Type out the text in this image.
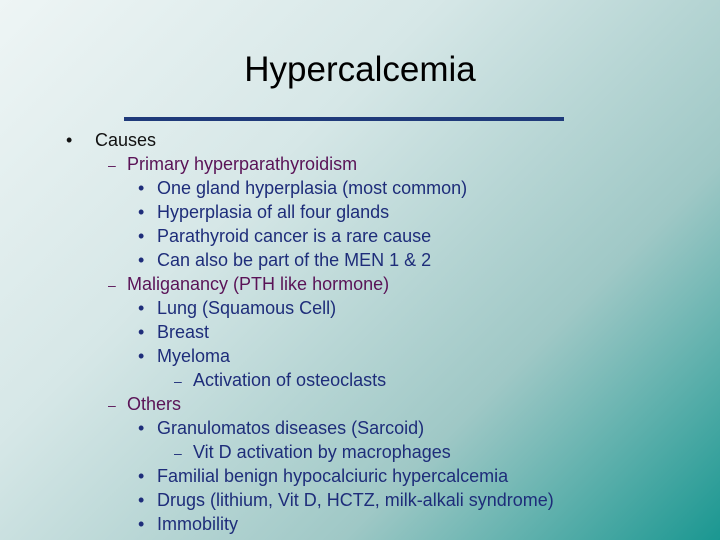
Hypercalcemia
• Causes
– Primary hyperparathyroidism
• One gland hyperplasia (most common)
• Hyperplasia of all four glands
• Parathyroid cancer is a rare cause
• Can also be part of the MEN 1 & 2
– Maliganancy (PTH like hormone)
• Lung (Squamous Cell)
• Breast
• Myeloma
– Activation of osteoclasts
– Others
• Granulomatos diseases (Sarcoid)
– Vit D activation by macrophages
• Familial benign hypocalciuric hypercalcemia
• Drugs (lithium, Vit D, HCTZ, milk-alkali syndrome)
• Immobility
